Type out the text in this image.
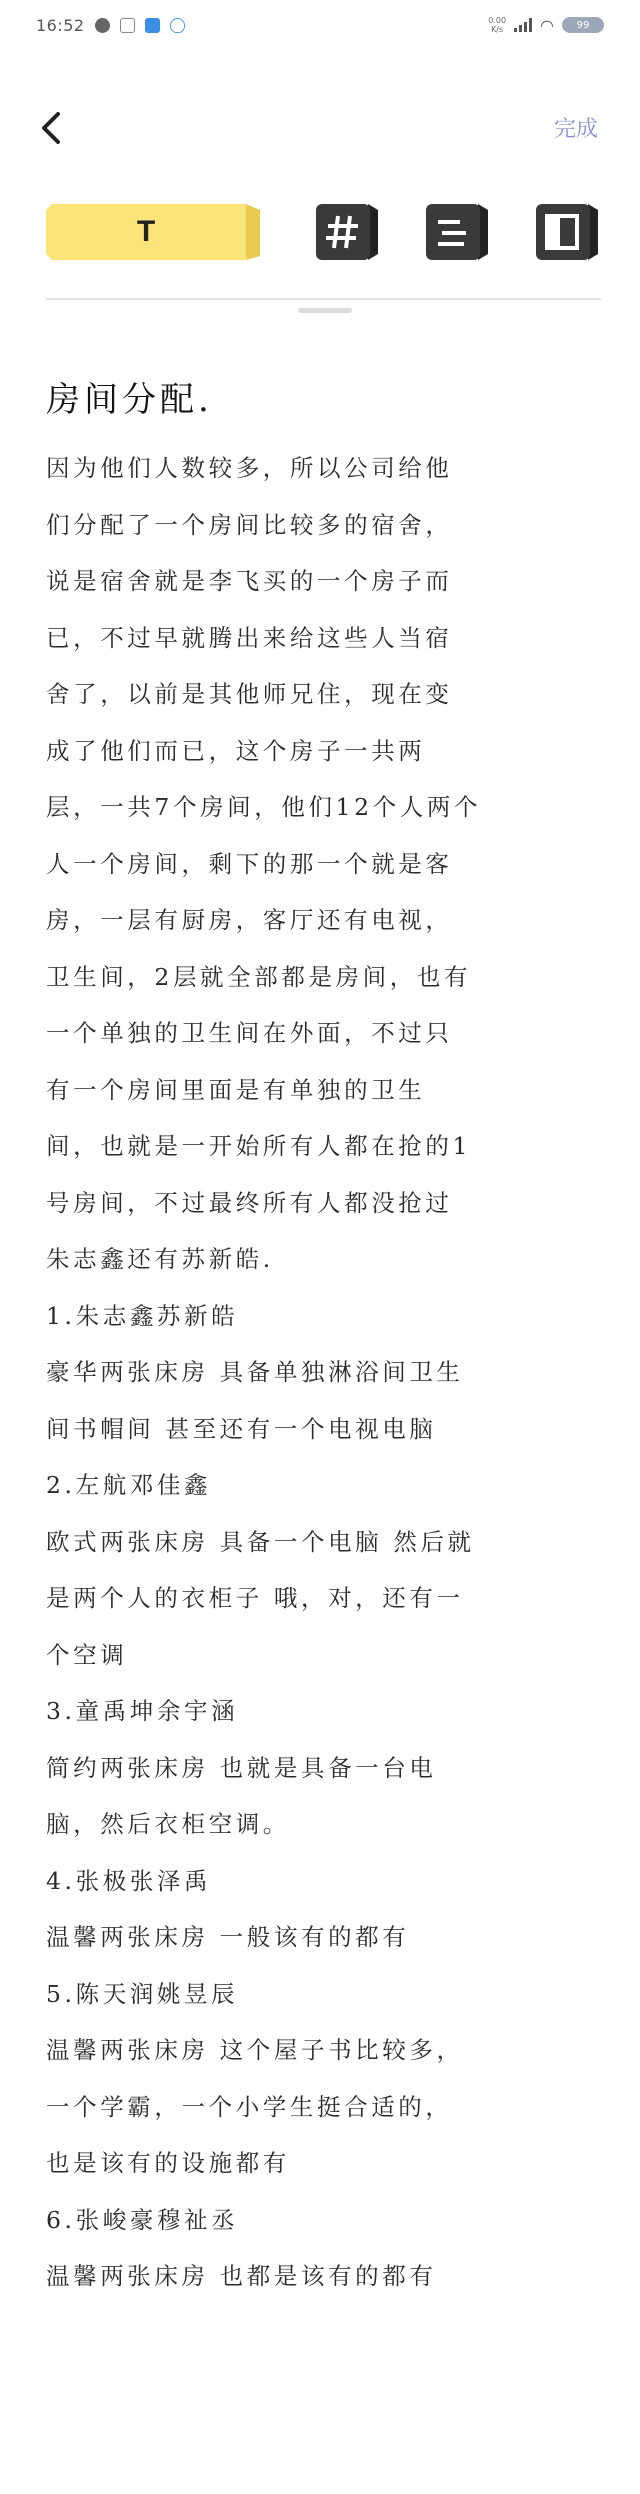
16:52	0.00
K/s ◠ 99
完成
T
房间分配.
因为他们人数较多，所以公司给他
们分配了一个房间比较多的宿舍，
说是宿舍就是李飞买的一个房子而
已，不过早就腾出来给这些人当宿
舍了，以前是其他师兄住，现在变
成了他们而已，这个房子一共两
层，一共7个房间，他们12个人两个
人一个房间，剩下的那一个就是客
房，一层有厨房，客厅还有电视，
卫生间，2层就全部都是房间，也有
一个单独的卫生间在外面，不过只
有一个房间里面是有单独的卫生
间，也就是一开始所有人都在抢的1
号房间，不过最终所有人都没抢过
朱志鑫还有苏新皓.
1.朱志鑫苏新皓
豪华两张床房 具备单独淋浴间卫生
间书帽间 甚至还有一个电视电脑
2.左航邓佳鑫
欧式两张床房 具备一个电脑 然后就
是两个人的衣柜子 哦，对，还有一
个空调
3.童禹坤余宇涵
简约两张床房 也就是具备一台电
脑，然后衣柜空调。
4.张极张泽禹
温馨两张床房 一般该有的都有
5.陈天润姚昱辰
温馨两张床房 这个屋子书比较多，
一个学霸，一个小学生挺合适的，
也是该有的设施都有
6.张峻豪穆祉丞
温馨两张床房 也都是该有的都有
